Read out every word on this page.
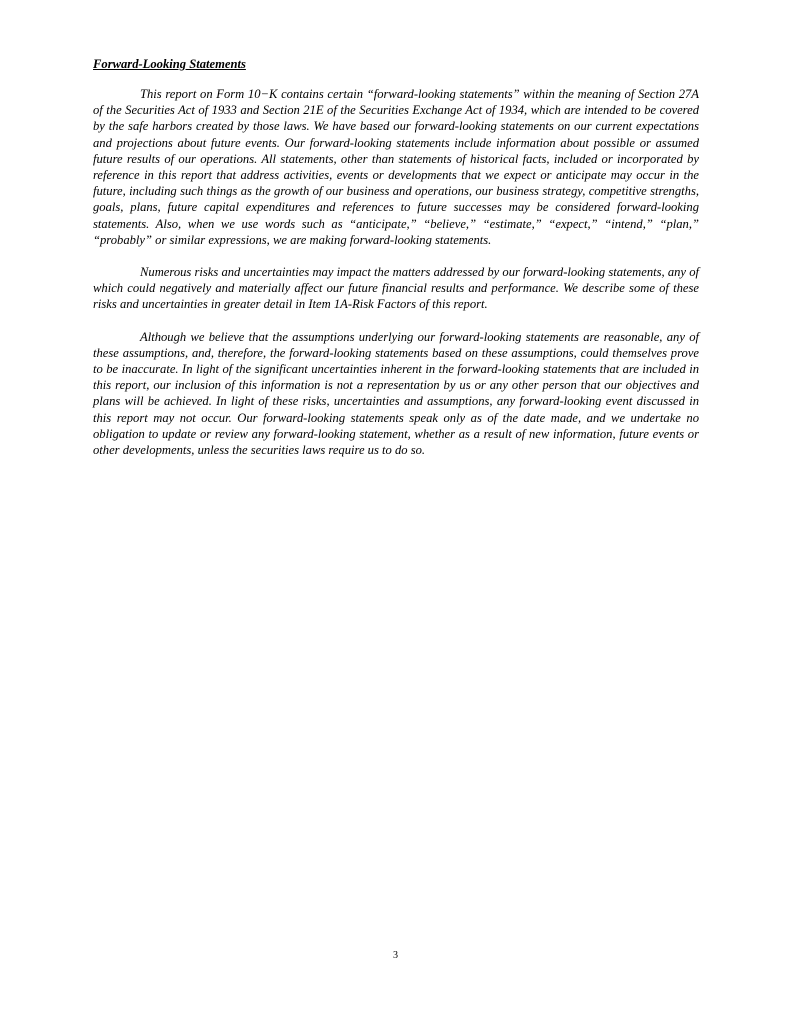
Forward-Looking Statements

This report on Form 10−K contains certain “forward-looking statements” within the meaning of Section 27A of the Securities Act of 1933 and Section 21E of the Securities Exchange Act of 1934, which are intended to be covered by the safe harbors created by those laws. We have based our forward-looking statements on our current expectations and projections about future events. Our forward-looking statements include information about possible or assumed future results of our operations. All statements, other than statements of historical facts, included or incorporated by reference in this report that address activities, events or developments that we expect or anticipate may occur in the future, including such things as the growth of our business and operations, our business strategy, competitive strengths, goals, plans, future capital expenditures and references to future successes may be considered forward-looking statements. Also, when we use words such as “anticipate,” “believe,” “estimate,” “expect,” “intend,” “plan,” “probably” or similar expressions, we are making forward-looking statements.

Numerous risks and uncertainties may impact the matters addressed by our forward-looking statements, any of which could negatively and materially affect our future financial results and performance. We describe some of these risks and uncertainties in greater detail in Item 1A-Risk Factors of this report.

Although we believe that the assumptions underlying our forward-looking statements are reasonable, any of these assumptions, and, therefore, the forward-looking statements based on these assumptions, could themselves prove to be inaccurate. In light of the significant uncertainties inherent in the forward-looking statements that are included in this report, our inclusion of this information is not a representation by us or any other person that our objectives and plans will be achieved. In light of these risks, uncertainties and assumptions, any forward-looking event discussed in this report may not occur. Our forward-looking statements speak only as of the date made, and we undertake no obligation to update or review any forward-looking statement, whether as a result of new information, future events or other developments, unless the securities laws require us to do so.

3
